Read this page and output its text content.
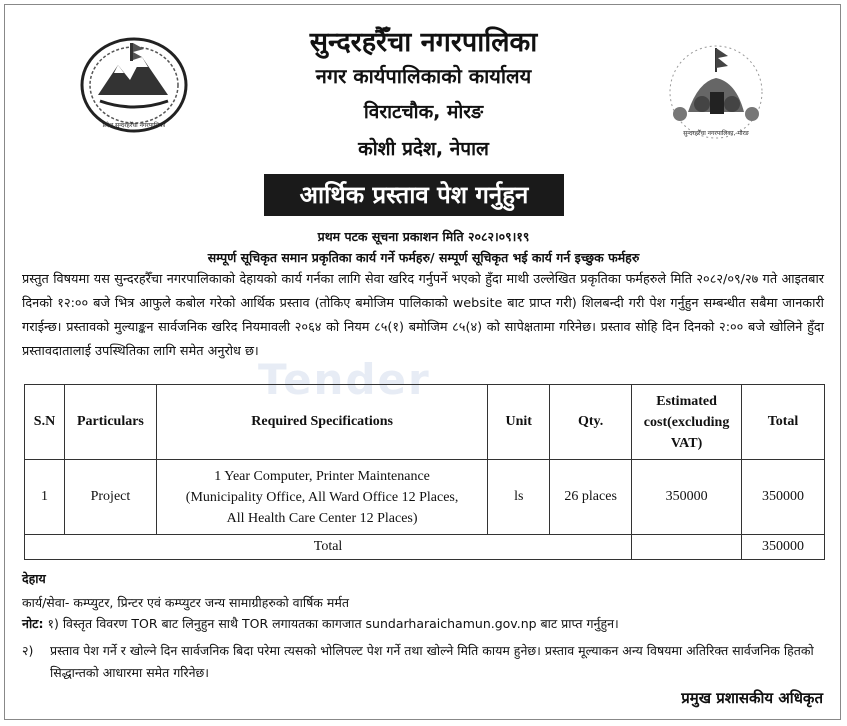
प्रदेश सुन्दरहरैँचा नगरपालिका
सुन्दरहरैँचा नगरपालिका, मोरङ
सुन्दरहरैँचा नगरपालिका
नगर कार्यपालिकाको कार्यालय
विराटचौक, मोरङ
कोशी प्रदेश, नेपाल
आर्थिक प्रस्ताव पेश गर्नुहुन
प्रथम पटक सूचना प्रकाशन मिति २०८२।०९।१९
सम्पूर्ण सूचिकृत समान प्रकृतिका कार्य गर्ने फर्महरु/ सम्पूर्ण सूचिकृत भई कार्य गर्न इच्छुक फर्महरु
प्रस्तुत विषयमा यस सुन्दरहरैँचा नगरपालिकाको देहायको कार्य गर्नका लागि सेवा खरिद गर्नुपर्ने भएको हुँदा माथी उल्लेखित प्रकृतिका फर्महरुले मिति २०८२/०९/२७ गते आइतबार दिनको १२:०० बजे भित्र आफुले कबोल गरेको आर्थिक प्रस्ताव (तोकिए बमोजिम पालिकाको website बाट प्राप्त गरी) शिलबन्दी गरी पेश गर्नुहुन सम्बन्धीत सबैमा जानकारी गराईन्छ। प्रस्तावको मुल्याङ्कन सार्वजनिक खरिद नियमावली २०६४ को नियम ८५(१) बमोजिम ८५(४) को सापेक्षतामा गरिनेछ। प्रस्ताव सोहि दिन दिनको २:०० बजे खोलिने हुँदा प्रस्तावदातालाई उपस्थितिका लागि समेत अनुरोध छ।
Tender
S.N	Particulars	Required Specifications	Unit	Qty.	Estimated
cost(excluding
VAT)	Total
1	Project	1 Year Computer, Printer Maintenance
(Municipality Office, All Ward Office 12 Places,
All Health Care Center 12 Places)	ls	26 places	350000	350000
Total						350000
देहाय
कार्य/सेवा- कम्प्युटर, प्रिन्टर एवं कम्प्युटर जन्य सामाग्रीहरुको वार्षिक मर्मत
नोट: १) विस्तृत विवरण TOR बाट लिनुहुन साथै TOR लगायतका कागजात sundarharaichamun.gov.np बाट प्राप्त गर्नुहुन।
२) प्रस्ताव पेश गर्ने र खोल्ने दिन सार्वजनिक बिदा परेमा त्यसको भोलिपल्ट पेश गर्ने तथा खोल्ने मिति कायम हुनेछ। प्रस्ताव मूल्याकन अन्य विषयमा अतिरिक्त सार्वजनिक हितको सिद्धान्तको आधारमा समेत गरिनेछ।
प्रमुख प्रशासकीय अधिकृत
